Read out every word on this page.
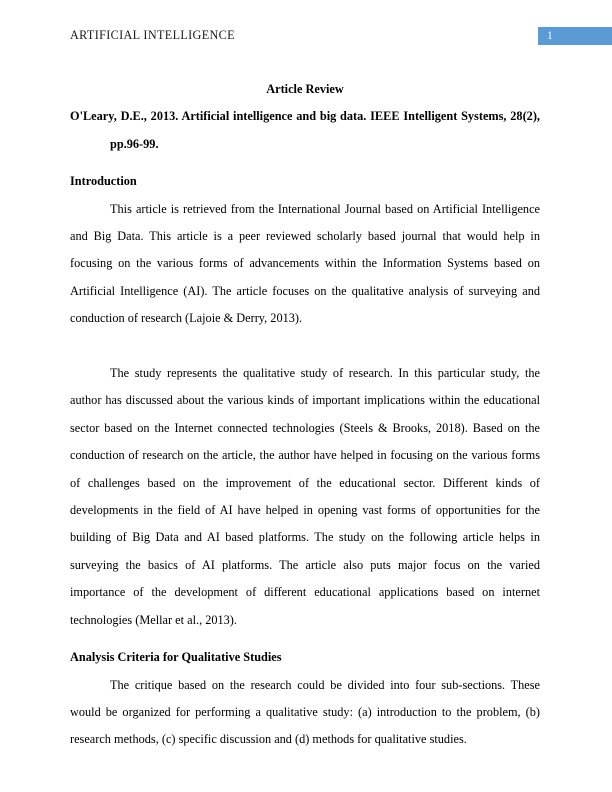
ARTIFICIAL INTELLIGENCE	1

Article Review

O'Leary, D.E., 2013. Artificial intelligence and big data. IEEE Intelligent Systems, 28(2), pp.96-99.

Introduction

This article is retrieved from the International Journal based on Artificial Intelligence and Big Data. This article is a peer reviewed scholarly based journal that would help in focusing on the various forms of advancements within the Information Systems based on Artificial Intelligence (AI). The article focuses on the qualitative analysis of surveying and conduction of research (Lajoie & Derry, 2013).

The study represents the qualitative study of research. In this particular study, the author has discussed about the various kinds of important implications within the educational sector based on the Internet connected technologies (Steels & Brooks, 2018). Based on the conduction of research on the article, the author have helped in focusing on the various forms of challenges based on the improvement of the educational sector. Different kinds of developments in the field of AI have helped in opening vast forms of opportunities for the building of Big Data and AI based platforms. The study on the following article helps in surveying the basics of AI platforms. The article also puts major focus on the varied importance of the development of different educational applications based on internet technologies (Mellar et al., 2013).

Analysis Criteria for Qualitative Studies

The critique based on the research could be divided into four sub-sections. These would be organized for performing a qualitative study: (a) introduction to the problem, (b) research methods, (c) specific discussion and (d) methods for qualitative studies.
